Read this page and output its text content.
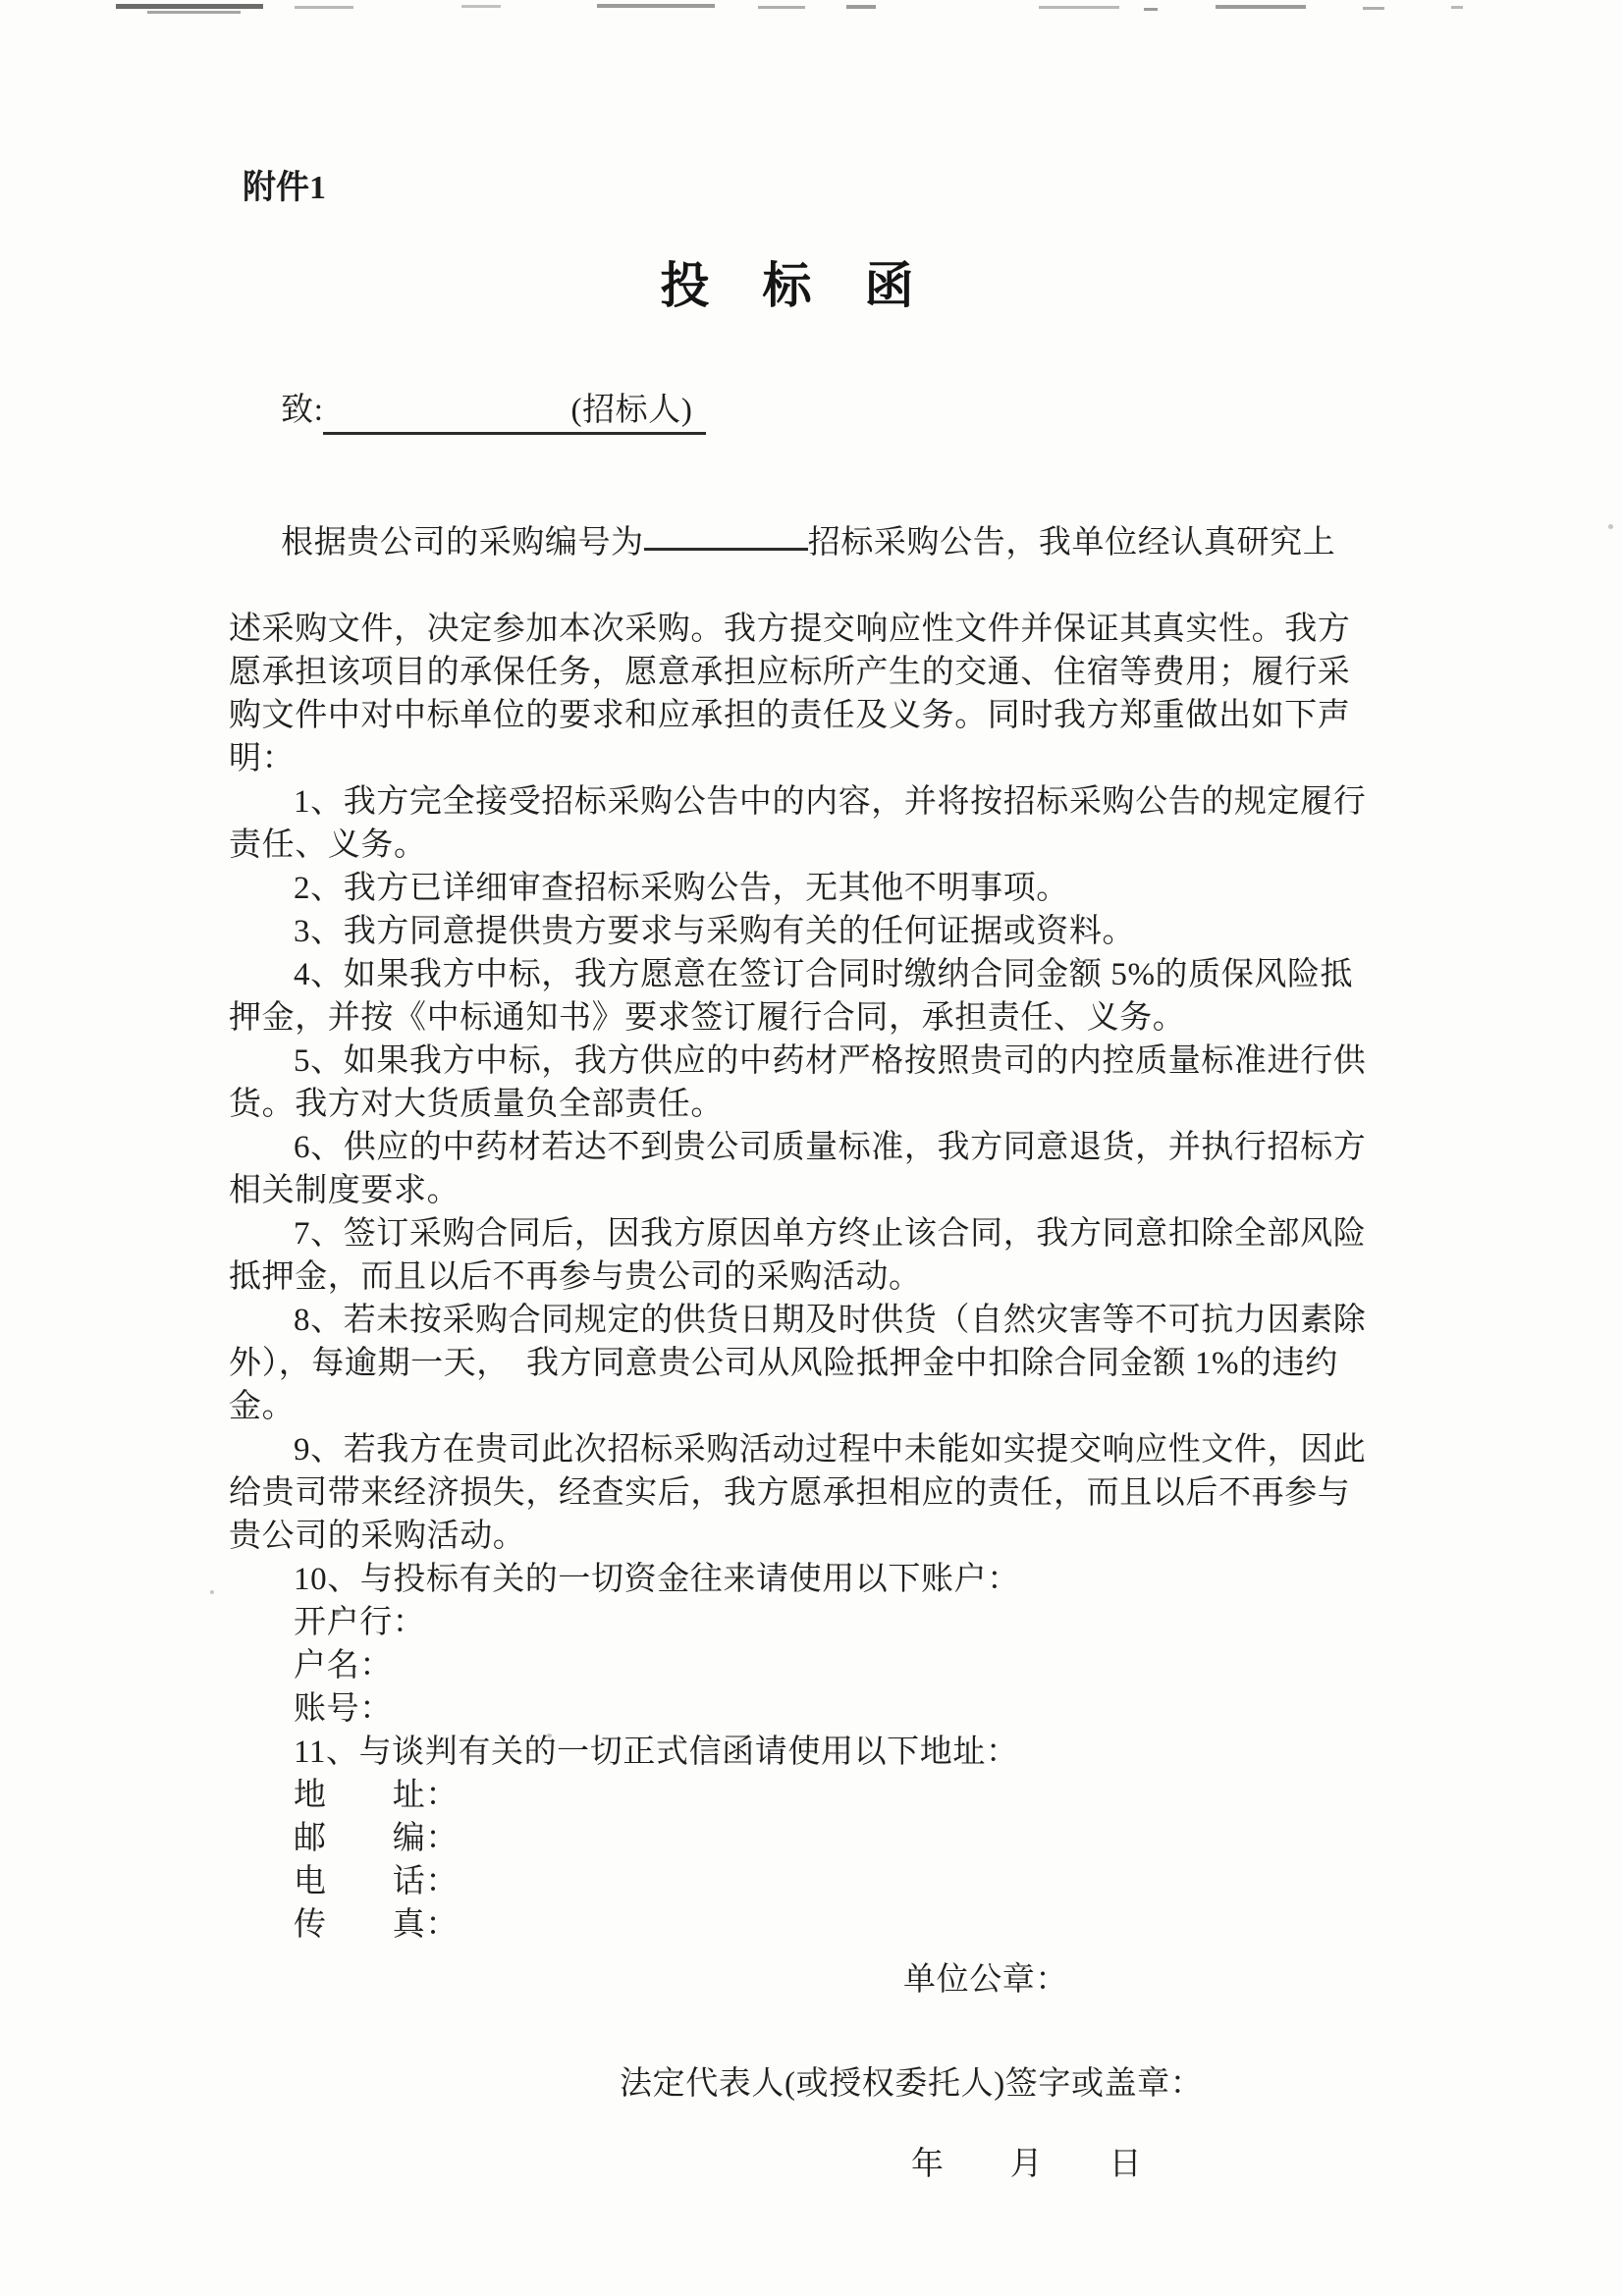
附件1
投　标　函

致:	(招标人)

根据贵公司的采购编号为	招标采购公告，我单位经认真研究上

述采购文件，决定参加本次采购。我方提交响应性文件并保证其真实性。我方
愿承担该项目的承保任务，愿意承担应标所产生的交通、住宿等费用；履行采
购文件中对中标单位的要求和应承担的责任及义务。同时我方郑重做出如下声
明：
1、我方完全接受招标采购公告中的内容，并将按招标采购公告的规定履行
责任、义务。
2、我方已详细审查招标采购公告，无其他不明事项。
3、我方同意提供贵方要求与采购有关的任何证据或资料。
4、如果我方中标，我方愿意在签订合同时缴纳合同金额 5%的质保风险抵
押金，并按《中标通知书》要求签订履行合同，承担责任、义务。
5、如果我方中标，我方供应的中药材严格按照贵司的内控质量标准进行供
货。我方对大货质量负全部责任。
6、供应的中药材若达不到贵公司质量标准，我方同意退货，并执行招标方
相关制度要求。
7、签订采购合同后，因我方原因单方终止该合同，我方同意扣除全部风险
抵押金，而且以后不再参与贵公司的采购活动。
8、若未按采购合同规定的供货日期及时供货（自然灾害等不可抗力因素除
外），每逾期一天，　我方同意贵公司从风险抵押金中扣除合同金额 1%的违约
金。
9、若我方在贵司此次招标采购活动过程中未能如实提交响应性文件，因此
给贵司带来经济损失，经查实后，我方愿承担相应的责任，而且以后不再参与
贵公司的采购活动。
10、与投标有关的一切资金往来请使用以下账户：
开户行：
户名：
账号：
11、与谈判有关的一切正式信函请使用以下地址：
地　　址：
邮　　编：
电　　话：
传　　真：
单位公章：
法定代表人(或授权委托人)签字或盖章：
年　　月　　日
